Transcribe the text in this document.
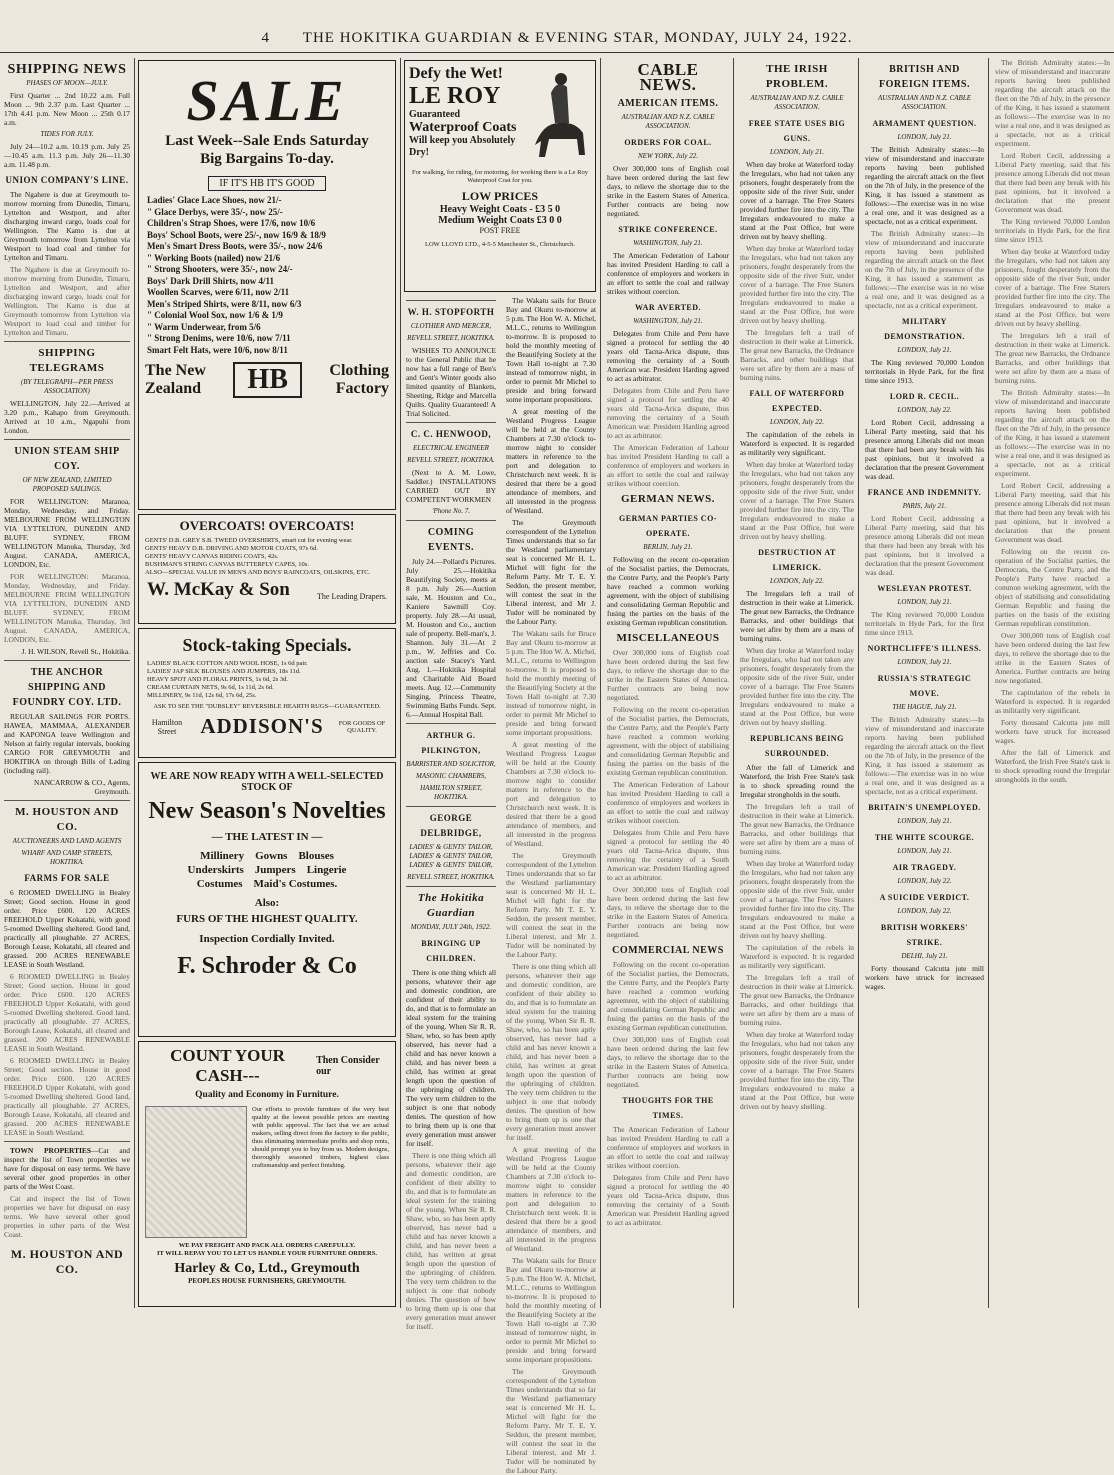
4 THE HOKITIKA GUARDIAN & EVENING STAR, MONDAY, JULY 24, 1922.
SHIPPING NEWS
PHASES OF MOON—JULY.
First Quarter ... 2nd 10.22 a.m. Full Moon ... 9th 2.37 p.m. Last Quarter ... 17th 4.41 p.m. New Moon ... 25th 0.17 a.m.
TIDES FOR JULY.
July 24—10.2 a.m. 10.19 p.m. July 25—10.45 a.m. 11.3 p.m. July 26—11.30 a.m. 11.48 p.m.
UNION COMPANY'S LINE.
The Ngahere is due at Greymouth to-morrow morning from Dunedin, Timaru, Lyttelton and Westport, and after discharging inward cargo, loads coal for Wellington. The Kamo is due at Greymouth tomorrow from Lyttelton via Westport to load coal and timber for Lyttelton and Timaru.
The Ngahere is due at Greymouth to-morrow morning from Dunedin, Timaru, Lyttelton and Westport, and after discharging inward cargo, loads coal for Wellington. The Kamo is due at Greymouth tomorrow from Lyttelton via Westport to load coal and timber for Lyttelton and Timaru.
SHIPPING TELEGRAMS
(BY TELEGRAPH—PER PRESS ASSOCIATION)
WELLINGTON, July 22.—Arrived at 3.20 p.m., Kahapo from Greymouth. Arrived at 10 a.m., Ngapuhi from London.
UNION STEAM SHIP COY.
OF NEW ZEALAND, LIMITED PROPOSED SAILINGS.
FOR WELLINGTON: Maranoa, Monday, Wednesday, and Friday. MELBOURNE FROM WELLINGTON VIA LYTTELTON, DUNEDIN AND BLUFF. SYDNEY, FROM WELLINGTON Manuka, Thursday, 3rd August. CANADA, AMERICA, LONDON, Etc.
FOR WELLINGTON: Maranoa, Monday, Wednesday, and Friday. MELBOURNE FROM WELLINGTON VIA LYTTELTON, DUNEDIN AND BLUFF. SYDNEY, FROM WELLINGTON Manuka, Thursday, 3rd August. CANADA, AMERICA, LONDON, Etc.
J. H. WILSON, Revell St., Hokitika.
THE ANCHOR SHIPPING AND FOUNDRY COY. LTD.
REGULAR SAILINGS FOR PORTS. HAWEA, MAMMAA, ALEXANDER and KAPONGA leave Wellington and Nelson at fairly regular intervals, booking CARGO FOR GREYMOUTH and HOKITIKA on through Bills of Lading (including rail).
NANCARROW & CO., Agents, Greymouth.
M. HOUSTON AND CO.
AUCTIONEERS AND LAND AGENTS
WHARF AND CAMP STREETS, HOKITIKA.
FARMS FOR SALE
6 ROOMED DWELLING in Bealey Street; Good section. House in good order. Price £600. 120 ACRES FREEHOLD Upper Kokatahi, with good 5-roomed Dwelling sheltered. Good land, practically all ploughable. 27 ACRES, Borough Lease, Kokatahi, all cleared and grassed. 200 ACRES RENEWABLE LEASE in South Westland.
6 ROOMED DWELLING in Bealey Street; Good section. House in good order. Price £600. 120 ACRES FREEHOLD Upper Kokatahi, with good 5-roomed Dwelling sheltered. Good land, practically all ploughable. 27 ACRES, Borough Lease, Kokatahi, all cleared and grassed. 200 ACRES RENEWABLE LEASE in South Westland.
6 ROOMED DWELLING in Bealey Street; Good section. House in good order. Price £600. 120 ACRES FREEHOLD Upper Kokatahi, with good 5-roomed Dwelling sheltered. Good land, practically all ploughable. 27 ACRES, Borough Lease, Kokatahi, all cleared and grassed. 200 ACRES RENEWABLE LEASE in South Westland.
TOWN PROPERTIES—Cat and inspect the list of Town properties we have for disposal on easy terms. We have several other good properties in other parts of the West Coast.
Cat and inspect the list of Town properties we have for disposal on easy terms. We have several other good properties in other parts of the West Coast.
M. HOUSTON AND CO.
SALE
Last Week--Sale Ends Saturday
Big Bargains To-day.
IF IT'S HB IT'S GOOD
Ladies' Glace Lace Shoes, now 21/-
" Glace Derbys, were 35/-, now 25/-
Children's Strap Shoes, were 17/6, now 10/6
Boys' School Boots, were 25/-, now 16/9 & 18/9
Men's Smart Dress Boots, were 35/-, now 24/6
" Working Boots (nailed) now 21/6
" Strong Shooters, were 35/-, now 24/-
Boys' Dark Drill Shirts, now 4/11
Woollen Scarves, were 6/11, now 2/11
Men's Striped Shirts, were 8/11, now 6/3
" Colonial Wool Sox, now 1/6 & 1/9
" Warm Underwear, from 5/6
" Strong Denims, were 10/6, now 7/11
Smart Felt Hats, were 10/6, now 8/11
The New
Zealand	HB	Clothing
Factory
OVERCOATS! OVERCOATS!
GENTS' D.B. GREY S.B. TWEED OVERSHIRTS, smart cut for evening wear.
GENTS' HEAVY D.B. DRIVING AND MOTOR COATS, 97s 6d.
GENTS' HEAVY CANVAS RIDING COATS, 42s.
BUSHMAN'S STRING CANVAS BUTTERFLY CAPES, 10s.
ALSO—SPECIAL VALUE IN MEN'S AND BOYS' RAINCOATS, OILSKINS, ETC.
W. McKay & Son	The Leading Drapers.
Stock-taking Specials.
LADIES' BLACK COTTON AND WOOL HOSE, 1s 6d pair.
LADIES' JAP SILK BLOUSES AND JUMPERS, 18s 11d.
HEAVY SPOT AND FLORAL PRINTS, 1s 6d, 2s 3d.
CREAM CURTAIN NETS, 9s 6d, 1s 11d, 2s 6d.
MILLINERY, 9s 11d, 12s 6d, 17s 6d, 25s.
ASK TO SEE THE "DUBSLEY" REVERSIBLE HEARTH RUGS—GUARANTEED.
Hamilton Street	ADDISON'S FOR GOODS OF QUALITY.
WE ARE NOW READY WITH A WELL-SELECTED STOCK OF
New Season's Novelties
— THE LATEST IN —
Millinery    Gowns    Blouses
Underskirts    Jumpers    Lingerie
Costumes    Maid's Costumes.
Also:
FURS OF THE HIGHEST QUALITY.
Inspection Cordially Invited.
F. Schroder & Co
COUNT YOUR CASH---
Then Consider our
Quality and Economy in Furniture.
Our efforts to provide furniture of the very best quality at the lowest possible prices are meeting with public approval. The fact that we are actual makers, selling direct from the factory to the public, thus eliminating intermediate profits and shop rents, should prompt you to buy from us. Modern designs, thoroughly seasoned timbers, highest class craftsmanship and perfect finishing.
WE PAY FREIGHT AND PACK ALL ORDERS CAREFULLY.
IT WILL REPAY YOU TO LET US HANDLE YOUR FURNITURE ORDERS.
Harley & Co, Ltd., Greymouth
PEOPLES HOUSE FURNISHERS, GREYMOUTH.
Defy the Wet!
LE ROY
Guaranteed
Waterproof Coats
Will keep you Absolutely Dry!
For walking, for riding, for motoring, for working there is a Le Roy Waterproof Coat for you.
LOW PRICES
Heavy Weight Coats - £3 5 0
Medium Weight Coats £3 0 0
POST FREE
LOW LLOYD LTD., 4-5-5 Manchester St., Christchurch.
W. H. STOPFORTH
CLOTHIER AND MERCER,
REVELL STREET, HOKITIKA.
WISHES TO ANNOUNCE to the General Public that he now has a full range of Ben's and Gent's Winter goods also limited quantity of Blankets, Sheeting, Ridge and Marcella Quilts. Quality Guaranteed! A Trial Solicited.
C. C. HENWOOD,
ELECTRICAL ENGINEER
REVELL STREET, HOKITIKA.
(Next to A. M. Lowe, Saddler.) INSTALLATIONS CARRIED OUT BY COMPETENT WORKMEN
'Phone No. 7.
COMING EVENTS.
July 24.—Pollard's Pictures. July 25.—Hokitika Beautifying Society, meets at 8 p.m. July 26.—Auction sale, M. Houston and Co., Kaniere Sawmill Coy. property. July 28.—At usual, M. Houston and Co., auction sale of property. Bell-man's, J. Shannon. July 31.—At 2 p.m., W. Jeffries and Co. auction sale Stacey's Yard. Aug. 1.—Hokitika Hospital and Charitable Aid Board meets. Aug. 12.—Community Singing, Princess Theatre, Swimming Baths Funds. Sept. 6.—Annual Hospital Ball.
ARTHUR G. PILKINGTON,
BARRISTER AND SOLICITOR,
MASONIC CHAMBERS,
HAMILTON STREET, HOKITIKA.
GEORGE DELBRIDGE,
LADIES' & GENTS' TAILOR, LADIES' & GENTS' TAILOR, LADIES' & GENTS' TAILOR,
REVELL STREET, HOKITIKA.
The Hokitika Guardian
MONDAY, JULY 24th, 1922.
BRINGING UP CHILDREN.
There is one thing which all persons, whatever their age and domestic condition, are confident of their ability to do, and that is to formulate an ideal system for the training of the young. When Sir R. R. Shaw, who, so has been aptly observed, has never had a child and has never known a child, and has never been a child, has written at great length upon the question of the upbringing of children. The very term children to the subject is one that nobody denies. The question of how to bring them up is one that every generation must answer for itself.
There is one thing which all persons, whatever their age and domestic condition, are confident of their ability to do, and that is to formulate an ideal system for the training of the young. When Sir R. R. Shaw, who, so has been aptly observed, has never had a child and has never known a child, and has never been a child, has written at great length upon the question of the upbringing of children. The very term children to the subject is one that nobody denies. The question of how to bring them up is one that every generation must answer for itself.
The Wakatu sails for Bruce Bay and Okuru to-morrow at 5 p.m. The Hon W. A. Michel, M.L.C., returns to Wellington to-morrow. It is proposed to hold the monthly meeting of the Beautifying Society at the Town Hall to-night at 7.30 instead of tomorrow night, in order to permit Mr Michel to preside and bring forward some important propositions.
A great meeting of the Westland Progress League will be held at the County Chambers at 7.30 o'clock to-morrow night to consider matters in reference to the port and delegation to Christchurch next week. It is desired that there be a good attendance of members, and all interested in the progress of Westland.
The Greymouth correspondent of the Lyttelton Times understands that so far the Westland parliamentary seat is concerned Mr H. L. Michel will fight for the Reform Party. Mr T. E. Y. Seddon, the present member, will contest the seat in the Liberal interest, and Mr J. Tudor will be nominated by the Labour Party.
The Wakatu sails for Bruce Bay and Okuru to-morrow at 5 p.m. The Hon W. A. Michel, M.L.C., returns to Wellington to-morrow. It is proposed to hold the monthly meeting of the Beautifying Society at the Town Hall to-night at 7.30 instead of tomorrow night, in order to permit Mr Michel to preside and bring forward some important propositions.
A great meeting of the Westland Progress League will be held at the County Chambers at 7.30 o'clock to-morrow night to consider matters in reference to the port and delegation to Christchurch next week. It is desired that there be a good attendance of members, and all interested in the progress of Westland.
The Greymouth correspondent of the Lyttelton Times understands that so far the Westland parliamentary seat is concerned Mr H. L. Michel will fight for the Reform Party. Mr T. E. Y. Seddon, the present member, will contest the seat in the Liberal interest, and Mr J. Tudor will be nominated by the Labour Party.
There is one thing which all persons, whatever their age and domestic condition, are confident of their ability to do, and that is to formulate an ideal system for the training of the young. When Sir R. R. Shaw, who, so has been aptly observed, has never had a child and has never known a child, and has never been a child, has written at great length upon the question of the upbringing of children. The very term children to the subject is one that nobody denies. The question of how to bring them up is one that every generation must answer for itself.
A great meeting of the Westland Progress League will be held at the County Chambers at 7.30 o'clock to-morrow night to consider matters in reference to the port and delegation to Christchurch next week. It is desired that there be a good attendance of members, and all interested in the progress of Westland.
The Wakatu sails for Bruce Bay and Okuru to-morrow at 5 p.m. The Hon W. A. Michel, M.L.C., returns to Wellington to-morrow. It is proposed to hold the monthly meeting of the Beautifying Society at the Town Hall to-night at 7.30 instead of tomorrow night, in order to permit Mr Michel to preside and bring forward some important propositions.
The Greymouth correspondent of the Lyttelton Times understands that so far the Westland parliamentary seat is concerned Mr H. L. Michel will fight for the Reform Party. Mr T. E. Y. Seddon, the present member, will contest the seat in the Liberal interest, and Mr J. Tudor will be nominated by the Labour Party.
CABLE NEWS.
AMERICAN ITEMS.
AUSTRALIAN AND N.Z. CABLE ASSOCIATION.
ORDERS FOR COAL.
NEW YORK, July 22.
Over 300,000 tons of English coal have been ordered during the last few days, to relieve the shortage due to the strike in the Eastern States of America. Further contracts are being now negotiated.
STRIKE CONFERENCE.
WASHINGTON, July 21.
The American Federation of Labour has invited President Harding to call a conference of employers and workers in an effort to settle the coal and railway strikes without coercion.
WAR AVERTED.
WASHINGTON, July 21.
Delegates from Chile and Peru have signed a protocol for settling the 40 years old Tacna-Arica dispute, thus removing the certainty of a South American war. President Harding agreed to act as arbitrator.
Delegates from Chile and Peru have signed a protocol for settling the 40 years old Tacna-Arica dispute, thus removing the certainty of a South American war. President Harding agreed to act as arbitrator.
The American Federation of Labour has invited President Harding to call a conference of employers and workers in an effort to settle the coal and railway strikes without coercion.
GERMAN NEWS.
GERMAN PARTIES CO-OPERATE.
BERLIN, July 21.
Following on the recent co-operation of the Socialist parties, the Democrats, the Centre Party, and the People's Party have reached a common working agreement, with the object of stabilising and consolidating German Republic and fusing the parties on the basis of the existing German republican constitution.
MISCELLANEOUS
Over 300,000 tons of English coal have been ordered during the last few days, to relieve the shortage due to the strike in the Eastern States of America. Further contracts are being now negotiated.
Following on the recent co-operation of the Socialist parties, the Democrats, the Centre Party, and the People's Party have reached a common working agreement, with the object of stabilising and consolidating German Republic and fusing the parties on the basis of the existing German republican constitution.
The American Federation of Labour has invited President Harding to call a conference of employers and workers in an effort to settle the coal and railway strikes without coercion.
Delegates from Chile and Peru have signed a protocol for settling the 40 years old Tacna-Arica dispute, thus removing the certainty of a South American war. President Harding agreed to act as arbitrator.
Over 300,000 tons of English coal have been ordered during the last few days, to relieve the shortage due to the strike in the Eastern States of America. Further contracts are being now negotiated.
COMMERCIAL NEWS
Following on the recent co-operation of the Socialist parties, the Democrats, the Centre Party, and the People's Party have reached a common working agreement, with the object of stabilising and consolidating German Republic and fusing the parties on the basis of the existing German republican constitution.
Over 300,000 tons of English coal have been ordered during the last few days, to relieve the shortage due to the strike in the Eastern States of America. Further contracts are being now negotiated.
THOUGHTS FOR THE TIMES.
The American Federation of Labour has invited President Harding to call a conference of employers and workers in an effort to settle the coal and railway strikes without coercion.
Delegates from Chile and Peru have signed a protocol for settling the 40 years old Tacna-Arica dispute, thus removing the certainty of a South American war. President Harding agreed to act as arbitrator.
THE IRISH PROBLEM.
AUSTRALIAN AND N.Z. CABLE ASSOCIATION.
FREE STATE USES BIG GUNS.
LONDON, July 21.
When day broke at Waterford today the Irregulars, who had not taken any prisoners, fought desperately from the opposite side of the river Suir, under cover of a barrage. The Free Staters provided further fire into the city. The Irregulars endeavoured to make a stand at the Post Office, but were driven out by heavy shelling.
When day broke at Waterford today the Irregulars, who had not taken any prisoners, fought desperately from the opposite side of the river Suir, under cover of a barrage. The Free Staters provided further fire into the city. The Irregulars endeavoured to make a stand at the Post Office, but were driven out by heavy shelling.
The Irregulars left a trail of destruction in their wake at Limerick. The great new Barracks, the Ordnance Barracks, and other buildings that were set afire by them are a mass of burning ruins.
FALL OF WATERFORD EXPECTED.
LONDON, July 22.
The capitulation of the rebels in Waterford is expected. It is regarded as militarily very significant.
When day broke at Waterford today the Irregulars, who had not taken any prisoners, fought desperately from the opposite side of the river Suir, under cover of a barrage. The Free Staters provided further fire into the city. The Irregulars endeavoured to make a stand at the Post Office, but were driven out by heavy shelling.
DESTRUCTION AT LIMERICK.
LONDON, July 22.
The Irregulars left a trail of destruction in their wake at Limerick. The great new Barracks, the Ordnance Barracks, and other buildings that were set afire by them are a mass of burning ruins.
When day broke at Waterford today the Irregulars, who had not taken any prisoners, fought desperately from the opposite side of the river Suir, under cover of a barrage. The Free Staters provided further fire into the city. The Irregulars endeavoured to make a stand at the Post Office, but were driven out by heavy shelling.
REPUBLICANS BEING SURROUNDED.
After the fall of Limerick and Waterford, the Irish Free State's task is to shock spreading round the Irregular strongholds in the south.
The Irregulars left a trail of destruction in their wake at Limerick. The great new Barracks, the Ordnance Barracks, and other buildings that were set afire by them are a mass of burning ruins.
When day broke at Waterford today the Irregulars, who had not taken any prisoners, fought desperately from the opposite side of the river Suir, under cover of a barrage. The Free Staters provided further fire into the city. The Irregulars endeavoured to make a stand at the Post Office, but were driven out by heavy shelling.
The capitulation of the rebels in Waterford is expected. It is regarded as militarily very significant.
The Irregulars left a trail of destruction in their wake at Limerick. The great new Barracks, the Ordnance Barracks, and other buildings that were set afire by them are a mass of burning ruins.
When day broke at Waterford today the Irregulars, who had not taken any prisoners, fought desperately from the opposite side of the river Suir, under cover of a barrage. The Free Staters provided further fire into the city. The Irregulars endeavoured to make a stand at the Post Office, but were driven out by heavy shelling.
BRITISH AND FOREIGN ITEMS.
AUSTRALIAN AND N.Z. CABLE ASSOCIATION.
ARMAMENT QUESTION.
LONDON, July 21.
The British Admiralty states:—In view of misunderstand and inaccurate reports having been published regarding the aircraft attack on the fleet on the 7th of July, in the presence of the King, it has issued a statement as follows:—The exercise was in no wise a real one, and it was designed as a spectacle, not as a critical experiment.
The British Admiralty states:—In view of misunderstand and inaccurate reports having been published regarding the aircraft attack on the fleet on the 7th of July, in the presence of the King, it has issued a statement as follows:—The exercise was in no wise a real one, and it was designed as a spectacle, not as a critical experiment.
MILITARY DEMONSTRATION.
LONDON, July 21.
The King reviewed 70,000 London territorials in Hyde Park, for the first time since 1913.
LORD R. CECIL.
LONDON, July 22.
Lord Robert Cecil, addressing a Liberal Party meeting, said that his presence among Liberals did not mean that there had been any break with his past opinions, but it involved a declaration that the present Government was dead.
FRANCE AND INDEMNITY.
PARIS, July 21.
Lord Robert Cecil, addressing a Liberal Party meeting, said that his presence among Liberals did not mean that there had been any break with his past opinions, but it involved a declaration that the present Government was dead.
WESLEYAN PROTEST.
LONDON, July 21.
The King reviewed 70,000 London territorials in Hyde Park, for the first time since 1913.
NORTHCLIFFE'S ILLNESS.
LONDON, July 21.
RUSSIA'S STRATEGIC MOVE.
THE HAGUE, July 21.
The British Admiralty states:—In view of misunderstand and inaccurate reports having been published regarding the aircraft attack on the fleet on the 7th of July, in the presence of the King, it has issued a statement as follows:—The exercise was in no wise a real one, and it was designed as a spectacle, not as a critical experiment.
BRITAIN'S UNEMPLOYED.
LONDON, July 21.
THE WHITE SCOURGE.
LONDON, July 21.
AIR TRAGEDY.
LONDON, July 22.
A SUICIDE VERDICT.
LONDON, July 22.
BRITISH WORKERS' STRIKE.
DELHI, July 21.
Forty thousand Calcutta jute mill workers have struck for increased wages.
The British Admiralty states:—In view of misunderstand and inaccurate reports having been published regarding the aircraft attack on the fleet on the 7th of July, in the presence of the King, it has issued a statement as follows:—The exercise was in no wise a real one, and it was designed as a spectacle, not as a critical experiment.
Lord Robert Cecil, addressing a Liberal Party meeting, said that his presence among Liberals did not mean that there had been any break with his past opinions, but it involved a declaration that the present Government was dead.
The King reviewed 70,000 London territorials in Hyde Park, for the first time since 1913.
When day broke at Waterford today the Irregulars, who had not taken any prisoners, fought desperately from the opposite side of the river Suir, under cover of a barrage. The Free Staters provided further fire into the city. The Irregulars endeavoured to make a stand at the Post Office, but were driven out by heavy shelling.
The Irregulars left a trail of destruction in their wake at Limerick. The great new Barracks, the Ordnance Barracks, and other buildings that were set afire by them are a mass of burning ruins.
The British Admiralty states:—In view of misunderstand and inaccurate reports having been published regarding the aircraft attack on the fleet on the 7th of July, in the presence of the King, it has issued a statement as follows:—The exercise was in no wise a real one, and it was designed as a spectacle, not as a critical experiment.
Lord Robert Cecil, addressing a Liberal Party meeting, said that his presence among Liberals did not mean that there had been any break with his past opinions, but it involved a declaration that the present Government was dead.
Following on the recent co-operation of the Socialist parties, the Democrats, the Centre Party, and the People's Party have reached a common working agreement, with the object of stabilising and consolidating German Republic and fusing the parties on the basis of the existing German republican constitution.
Over 300,000 tons of English coal have been ordered during the last few days, to relieve the shortage due to the strike in the Eastern States of America. Further contracts are being now negotiated.
The capitulation of the rebels in Waterford is expected. It is regarded as militarily very significant.
Forty thousand Calcutta jute mill workers have struck for increased wages.
After the fall of Limerick and Waterford, the Irish Free State's task is to shock spreading round the Irregular strongholds in the south.
